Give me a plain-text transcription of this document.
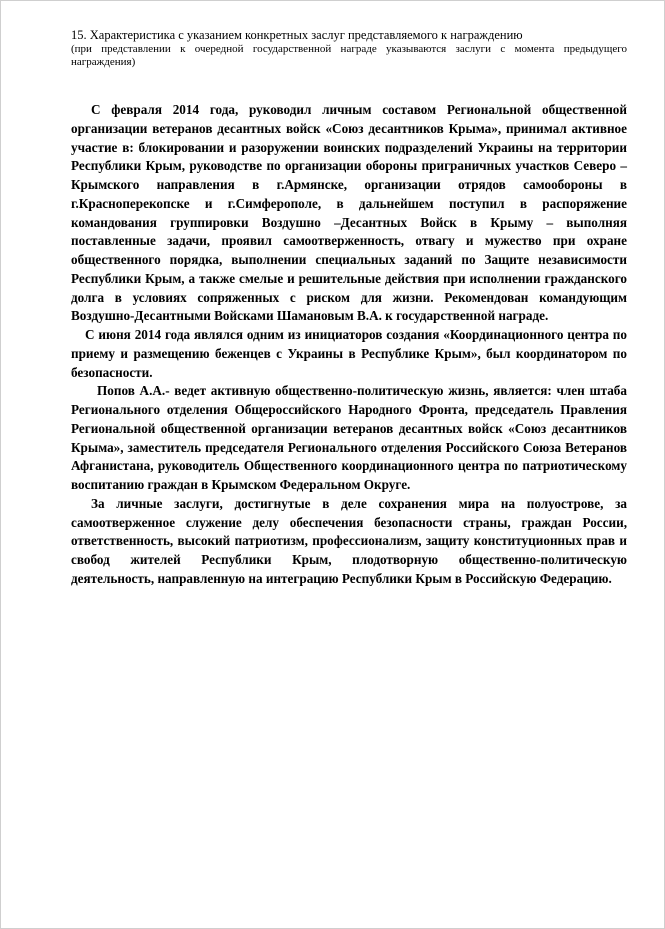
15. Характеристика с указанием конкретных заслуг представляемого к награждению

(при представлении к очередной государственной награде указываются заслуги с момента предыдущего награждения)

С февраля 2014 года, руководил личным составом Региональной общественной организации ветеранов десантных войск «Союз десантников Крыма», принимал активное участие в: блокировании и разоружении воинских подразделений Украины на территории Республики Крым, руководстве по организации обороны приграничных участков Северо – Крымского направления в г.Армянске, организации отрядов самообороны в г.Красноперекопске и г.Симферополе, в дальнейшем поступил в распоряжение командования группировки Воздушно –Десантных Войск в Крыму – выполняя поставленные задачи, проявил самоотверженность, отвагу и мужество при охране общественного порядка, выполнении специальных заданий по Защите независимости Республики Крым, а также смелые и решительные действия при исполнении гражданского долга в условиях сопряженных с риском для жизни. Рекомендован командующим Воздушно-Десантными Войсками Шамановым В.А. к государственной награде.

С июня 2014 года являлся одним из инициаторов создания «Координационного центра по приему и размещению беженцев с Украины в Республике Крым», был координатором по безопасности.

Попов А.А.- ведет активную общественно-политическую жизнь, является: член штаба Регионального отделения Общероссийского Народного Фронта, председатель Правления Региональной общественной организации ветеранов десантных войск «Союз десантников Крыма», заместитель председателя Регионального отделения Российского Союза Ветеранов Афганистана, руководитель Общественного координационного центра по патриотическому воспитанию граждан в Крымском Федеральном Округе.

За личные заслуги, достигнутые в деле сохранения мира на полуострове, за самоотверженное служение делу обеспечения безопасности страны, граждан России, ответственность, высокий патриотизм, профессионализм, защиту конституционных прав и свобод жителей Республики Крым, плодотворную общественно-политическую деятельность, направленную на интеграцию Республики Крым в Российскую Федерацию.
